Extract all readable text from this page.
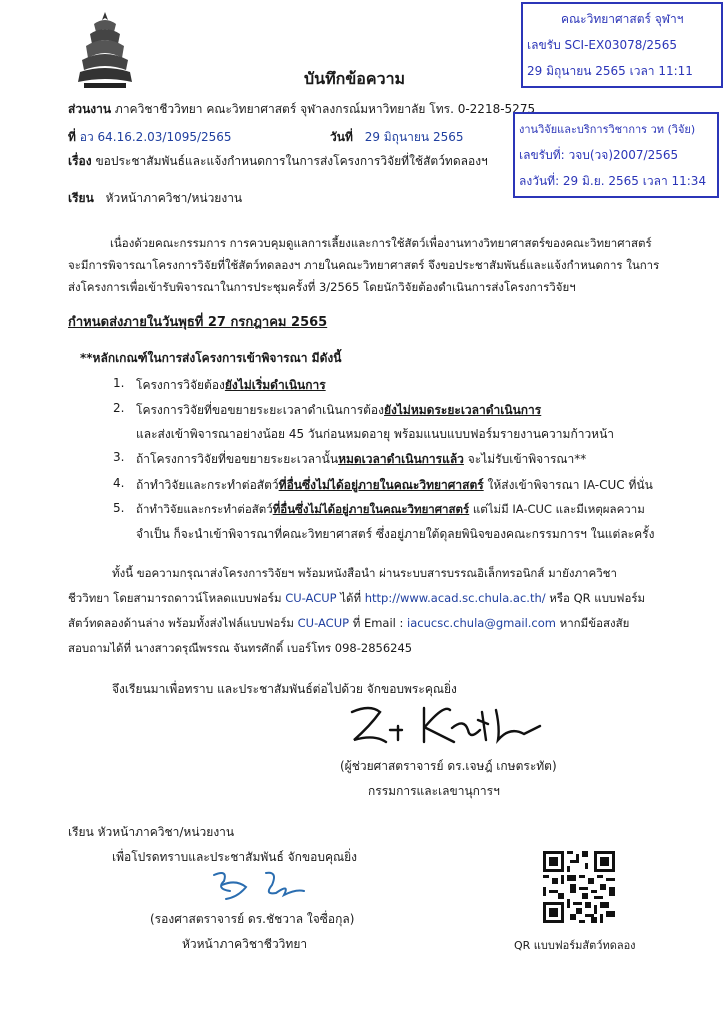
คณะวิทยาศาสตร์ จุฬาฯ
เลขรับ SCI-EX03078/2565
29 มิถุนายน 2565 เวลา 11:11
บันทึกข้อความ
ส่วนงาน ภาควิชาชีววิทยา คณะวิทยาศาสตร์ จุฬาลงกรณ์มหาวิทยาลัย โทร. 0-2218-5275
ที่ อว 64.16.2.03/1095/2565	วันที่ 29 มิถุนายน 2565
เรื่อง ขอประชาสัมพันธ์และแจ้งกำหนดการในการส่งโครงการวิจัยที่ใช้สัตว์ทดลองฯ
งานวิจัยและบริการวิชาการ วท (วิจัย)
เลขรับที่: วจบ(วจ)2007/2565
ลงวันที่: 29 มิ.ย. 2565 เวลา 11:34
เรียน หัวหน้าภาควิชา/หน่วยงาน
เนื่องด้วยคณะกรรมการ การควบคุมดูแลการเลี้ยงและการใช้สัตว์เพื่องานทางวิทยาศาสตร์ของคณะวิทยาศาสตร์ จะมีการพิจารณาโครงการวิจัยที่ใช้สัตว์ทดลองฯ ภายในคณะวิทยาศาสตร์ จึงขอประชาสัมพันธ์และแจ้งกำหนดการ ในการส่งโครงการเพื่อเข้ารับพิจารณาในการประชุมครั้งที่ 3/2565 โดยนักวิจัยต้องดำเนินการส่งโครงการวิจัยฯ
กำหนดส่งภายในวันพุธที่ 27 กรกฎาคม 2565
**หลักเกณฑ์ในการส่งโครงการเข้าพิจารณา มีดังนี้
1. โครงการวิจัยต้องยังไม่เริ่มดำเนินการ
2. โครงการวิจัยที่ขอขยายระยะเวลาดำเนินการต้องยังไม่หมดระยะเวลาดำเนินการ
และส่งเข้าพิจารณาอย่างน้อย 45 วันก่อนหมดอายุ พร้อมแนบแบบฟอร์มรายงานความก้าวหน้า
3. ถ้าโครงการวิจัยที่ขอขยายระยะเวลานั้นหมดเวลาดำเนินการแล้ว จะไม่รับเข้าพิจารณา**
4. ถ้าทำวิจัยและกระทำต่อสัตว์ที่อื่นซึ่งไม่ได้อยู่ภายในคณะวิทยาศาสตร์ ให้ส่งเข้าพิจารณา IA-CUC ที่นั่น
5. ถ้าทำวิจัยและกระทำต่อสัตว์ที่อื่นซึ่งไม่ได้อยู่ภายในคณะวิทยาศาสตร์ แต่ไม่มี IA-CUC และมีเหตุผลความ
จำเป็น ก็จะนำเข้าพิจารณาที่คณะวิทยาศาสตร์ ซึ่งอยู่ภายใต้ดุลยพินิจของคณะกรรมการฯ ในแต่ละครั้ง
ทั้งนี้ ขอความกรุณาส่งโครงการวิจัยฯ พร้อมหนังสือนำ ผ่านระบบสารบรรณอิเล็กทรอนิกส์ มายังภาควิชา
ชีววิทยา โดยสามารถดาวน์โหลดแบบฟอร์ม CU-ACUP ได้ที่ http://www.acad.sc.chula.ac.th/ หรือ QR แบบฟอร์ม
สัตว์ทดลองด้านล่าง พร้อมทั้งส่งไฟล์แบบฟอร์ม CU-ACUP ที่ Email : iacucsc.chula@gmail.com หากมีข้อสงสัย
สอบถามได้ที่ นางสาวดรุณีพรรณ จันทรศักดิ์ เบอร์โทร 098-2856245
จึงเรียนมาเพื่อทราบ และประชาสัมพันธ์ต่อไปด้วย จักขอบพระคุณยิ่ง
(ผู้ช่วยศาสตราจารย์ ดร.เจษฎ์ เกษตระทัต)
กรรมการและเลขานุการฯ
เรียน หัวหน้าภาควิชา/หน่วยงาน
เพื่อโปรดทราบและประชาสัมพันธ์ จักขอบคุณยิ่ง
(รองศาสตราจารย์ ดร.ชัชวาล ใจซื่อกุล)
หัวหน้าภาควิชาชีววิทยา	QR แบบฟอร์มสัตว์ทดลอง
